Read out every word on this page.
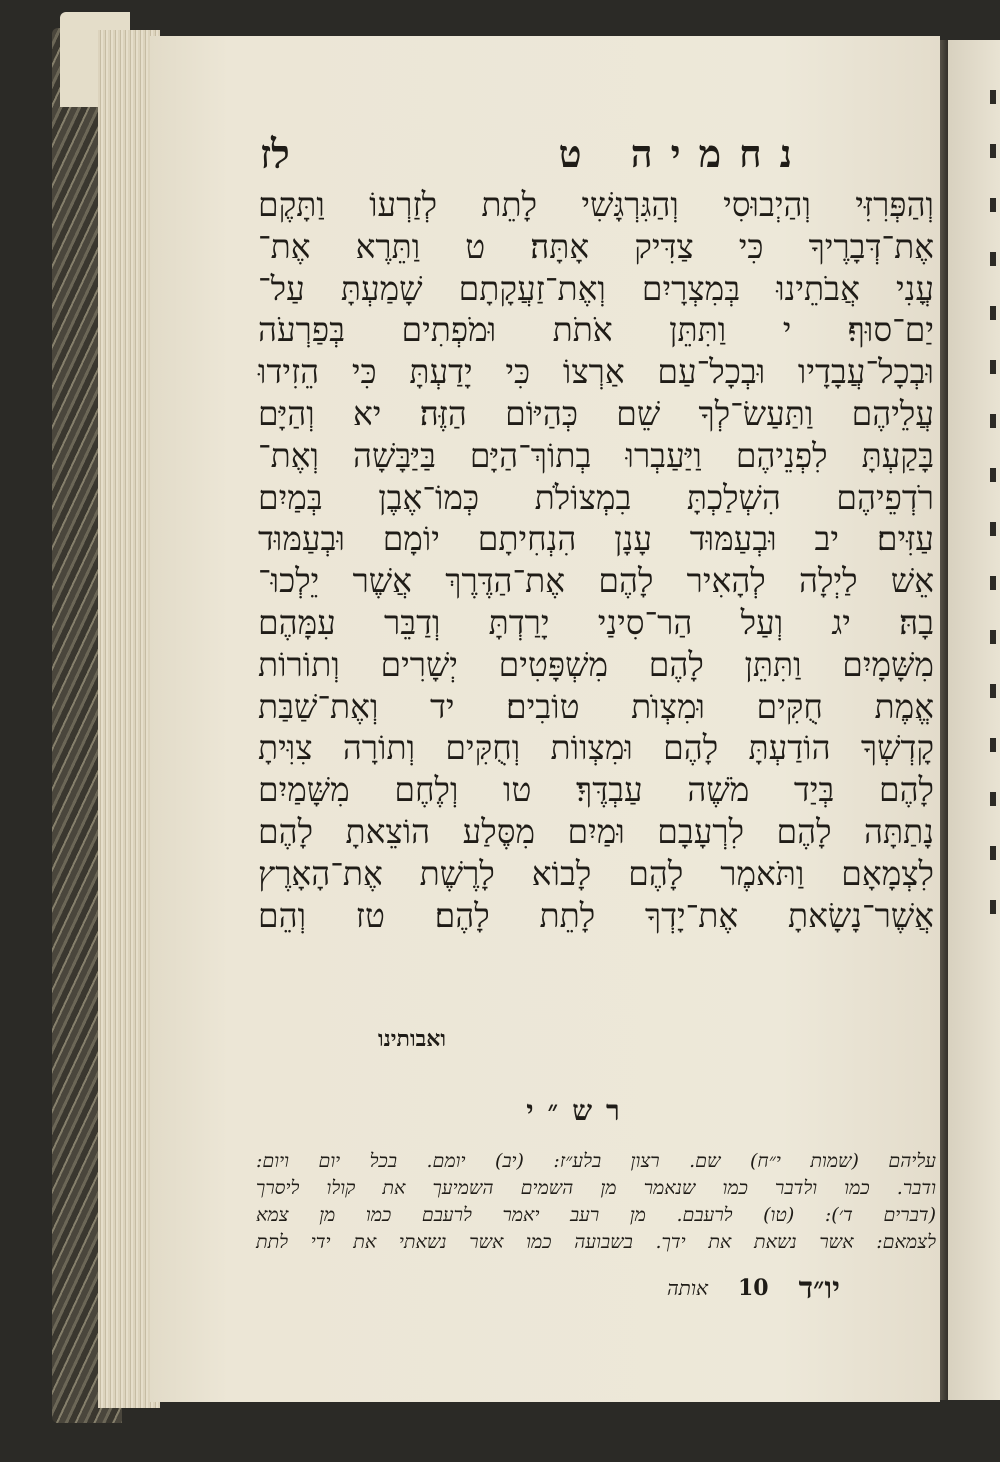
נחמיה ט
לז
וְהַפְּרִזִּי וְהַיְבוּסִי וְהַגִּרְגָּשִׁי לָתֵת לְזַרְעוֹ וַתָּקֶם
אֶת־דְּבָרֶיךָ כִּי צַדִּיק אָתָּה׃ ט וַתֵּרֶא אֶת־
עֳנִי אֲבֹתֵינוּ בְּמִצְרָיִם וְאֶת־זַעֲקָתָם שָׁמַעְתָּ עַל־
יַם־סוּף׃ י וַתִּתֵּן אֹתֹת וּמֹפְתִים בְּפַרְעֹה
וּבְכָל־עֲבָדָיו וּבְכָל־עַם אַרְצוֹ כִּי יָדַעְתָּ כִּי הֵזִידוּ
עֲלֵיהֶם וַתַּעַשׂ־לְךָ שֵׁם כְּהַיּוֹם הַזֶּה׃ יא וְהַיָּם
בָּקַעְתָּ לִפְנֵיהֶם וַיַּעַבְרוּ בְתוֹךְ־הַיָּם בַּיַּבָּשָׁה וְאֶת־
רֹדְפֵיהֶם הִשְׁלַכְתָּ בִמְצוֹלֹת כְּמוֹ־אֶבֶן בְּמַיִם
עַזִּים׃ יב וּבְעַמּוּד עָנָן הִנְחִיתָם יוֹמָם וּבְעַמּוּד
אֵשׁ לַיְלָה לְהָאִיר לָהֶם אֶת־הַדֶּרֶךְ אֲשֶׁר יֵלְכוּ־
בָהּ׃ יג וְעַל הַר־סִינַי יָרַדְתָּ וְדַבֵּר עִמָּהֶם
מִשָּׁמָיִם וַתִּתֵּן לָהֶם מִשְׁפָּטִים יְשָׁרִים וְתוֹרוֹת
אֱמֶת חֻקִּים וּמִצְוֺת טוֹבִים׃ יד וְאֶת־שַׁבַּת
קָדְשְׁךָ הוֹדַעְתָּ לָהֶם וּמִצְווֹת וְחֻקִּים וְתוֹרָה צִוִּיתָ
לָהֶם בְּיַד מֹשֶׁה עַבְדֶּךָ׃ טו וְלֶחֶם מִשָּׁמַיִם
נָתַתָּה לָהֶם לִרְעָבָם וּמַיִם מִסֶּלַע הוֹצֵאתָ לָהֶם
לִצְמָאָם וַתֹּאמֶר לָהֶם לָבוֹא לָרֶשֶׁת אֶת־הָאָרֶץ
אֲשֶׁר־נָשָׂאתָ אֶת־יָדְךָ לָתֵת לָהֶם׃ טז וְהֵם
ואבותינו
רש״י
עליהם (שמות י״ח) שם. רצון בלע״ז: (יב) יומם. בכל יום ויום:
ודבר. כמו ולדבר כמו שנאמר מן השמים השמיעך את קולו ליסרך
(דברים ד׳): (טו) לרעבם. מן רעב יאמר לרעבם כמו מן צמא
לצמאם: אשר נשאת את ידך. בשבועה כמו אשר נשאתי את ידי לתת
יו״ד
10
אותה
